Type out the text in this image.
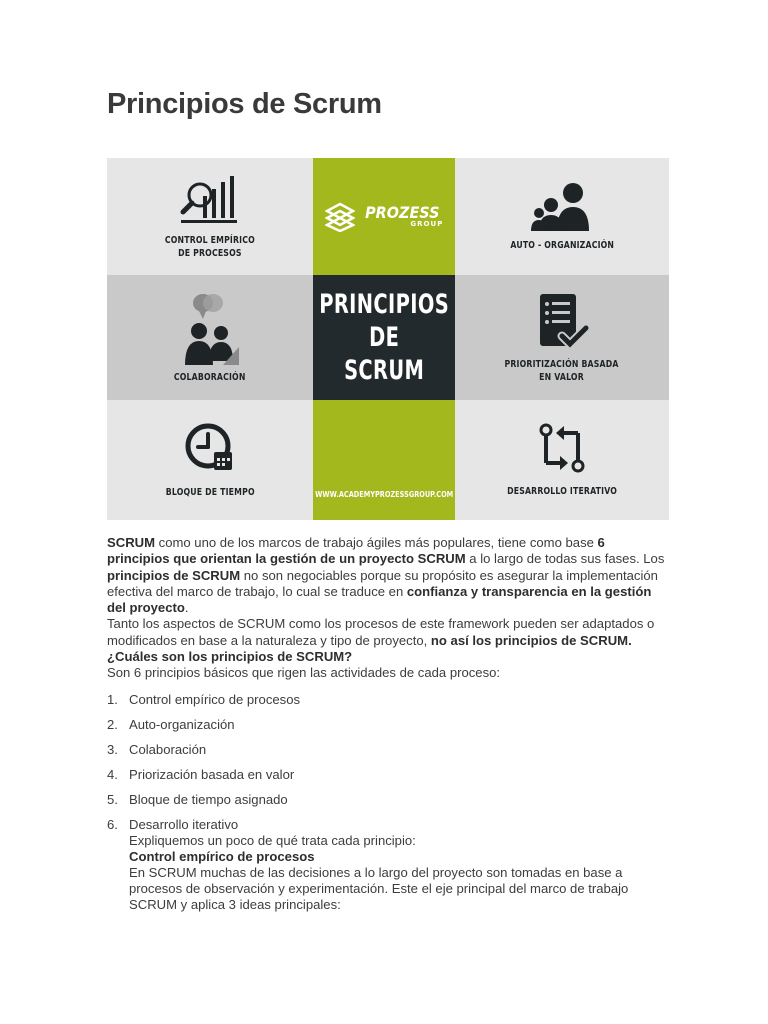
Principios de Scrum
CONTROL EMPÍRICO
DE PROCESOS
PROZESS
GROUP
AUTO - ORGANIZACIÓN
COLABORACIÓN
PRINCIPIOS
DE
SCRUM	PRIORITIZACIÓN BASADA
EN VALOR
BLOQUE DE TIEMPO	WWW.ACADEMYPROZESSGROUP.COM	DESARROLLO ITERATIVO

SCRUM como uno de los marcos de trabajo ágiles más populares, tiene como base 6 principios que orientan la gestión de un proyecto SCRUM a lo largo de todas sus fases. Los principios de SCRUM no son negociables porque su propósito es asegurar la implementación efectiva del marco de trabajo, lo cual se traduce en confianza y transparencia en la gestión del proyecto.

Tanto los aspectos de SCRUM como los procesos de este framework pueden ser adaptados o modificados en base a la naturaleza y tipo de proyecto, no así los principios de SCRUM.

¿Cuáles son los principios de SCRUM?

Son 6 principios básicos que rigen las actividades de cada proceso:

1. Control empírico de procesos
2. Auto-organización
3. Colaboración
4. Priorización basada en valor
5. Bloque de tiempo asignado
6. Desarrollo iterativo
Expliquemos un poco de qué trata cada principio:
Control empírico de procesos
En SCRUM muchas de las decisiones a lo largo del proyecto son tomadas en base a procesos de observación y experimentación. Este el eje principal del marco de trabajo SCRUM y aplica 3 ideas principales:
